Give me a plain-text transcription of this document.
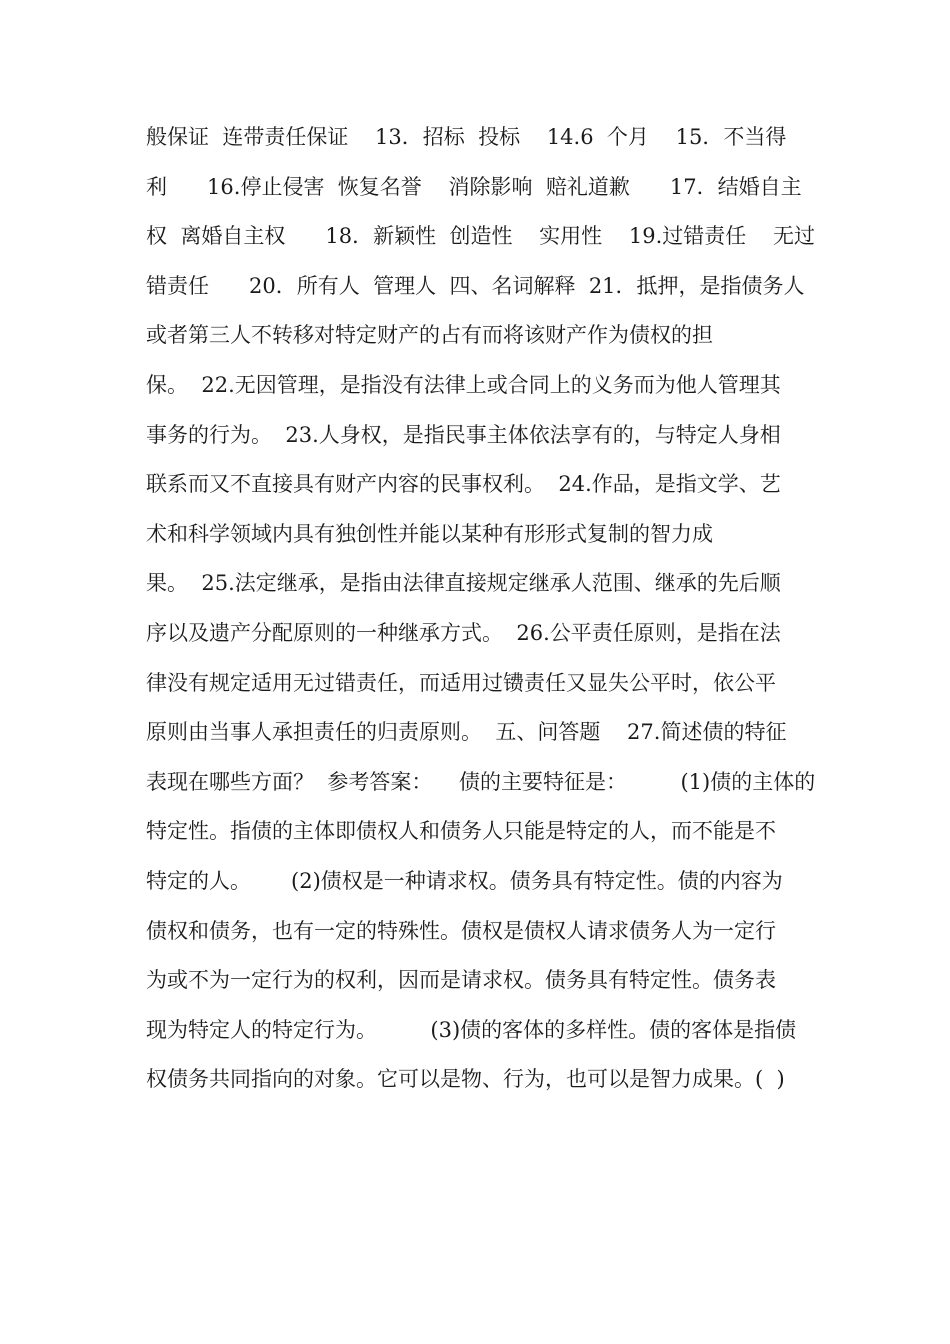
般保证  连带责任保证    13．招标  投标    14.6  个月    15．不当得
利      16.停止侵害  恢复名誉    消除影响  赔礼道歉      17．结婚自主
权  离婚自主权      18．新颖性  创造性    实用性    19.过错责任    无过
错责任      20．所有人  管理人  四、名词解释  21．抵押，是指债务人
或者第三人不转移对特定财产的占有而将该财产作为债权的担
保。  22.无因管理，是指没有法律上或合同上的义务而为他人管理其
事务的行为。  23.人身权，是指民事主体依法享有的，与特定人身相
联系而又不直接具有财产内容的民事权利。  24.作品，是指文学、艺
术和科学领域内具有独创性并能以某种有形形式复制的智力成
果。  25.法定继承，是指由法律直接规定继承人范围、继承的先后顺
序以及遗产分配原则的一种继承方式。  26.公平责任原则，是指在法
律没有规定适用无过错责任，而适用过镄责任又显失公平时，依公平
原则由当事人承担责任的归责原则。  五、问答题    27.简述债的特征
表现在哪些方面？  参考答案：    债的主要特征是：        (1)债的主体的
特定性。指债的主体即债权人和债务人只能是特定的人，而不能是不
特定的人。      (2)债权是一种请求权。债务具有特定性。债的内容为
债权和债务，也有一定的特殊性。债权是债权人请求债务人为一定行
为或不为一定行为的权利，因而是请求权。债务具有特定性。债务表
现为特定人的特定行为。        (3)债的客体的多样性。债的客体是指债
权债务共同指向的对象。它可以是物、行为，也可以是智力成果。(  )
